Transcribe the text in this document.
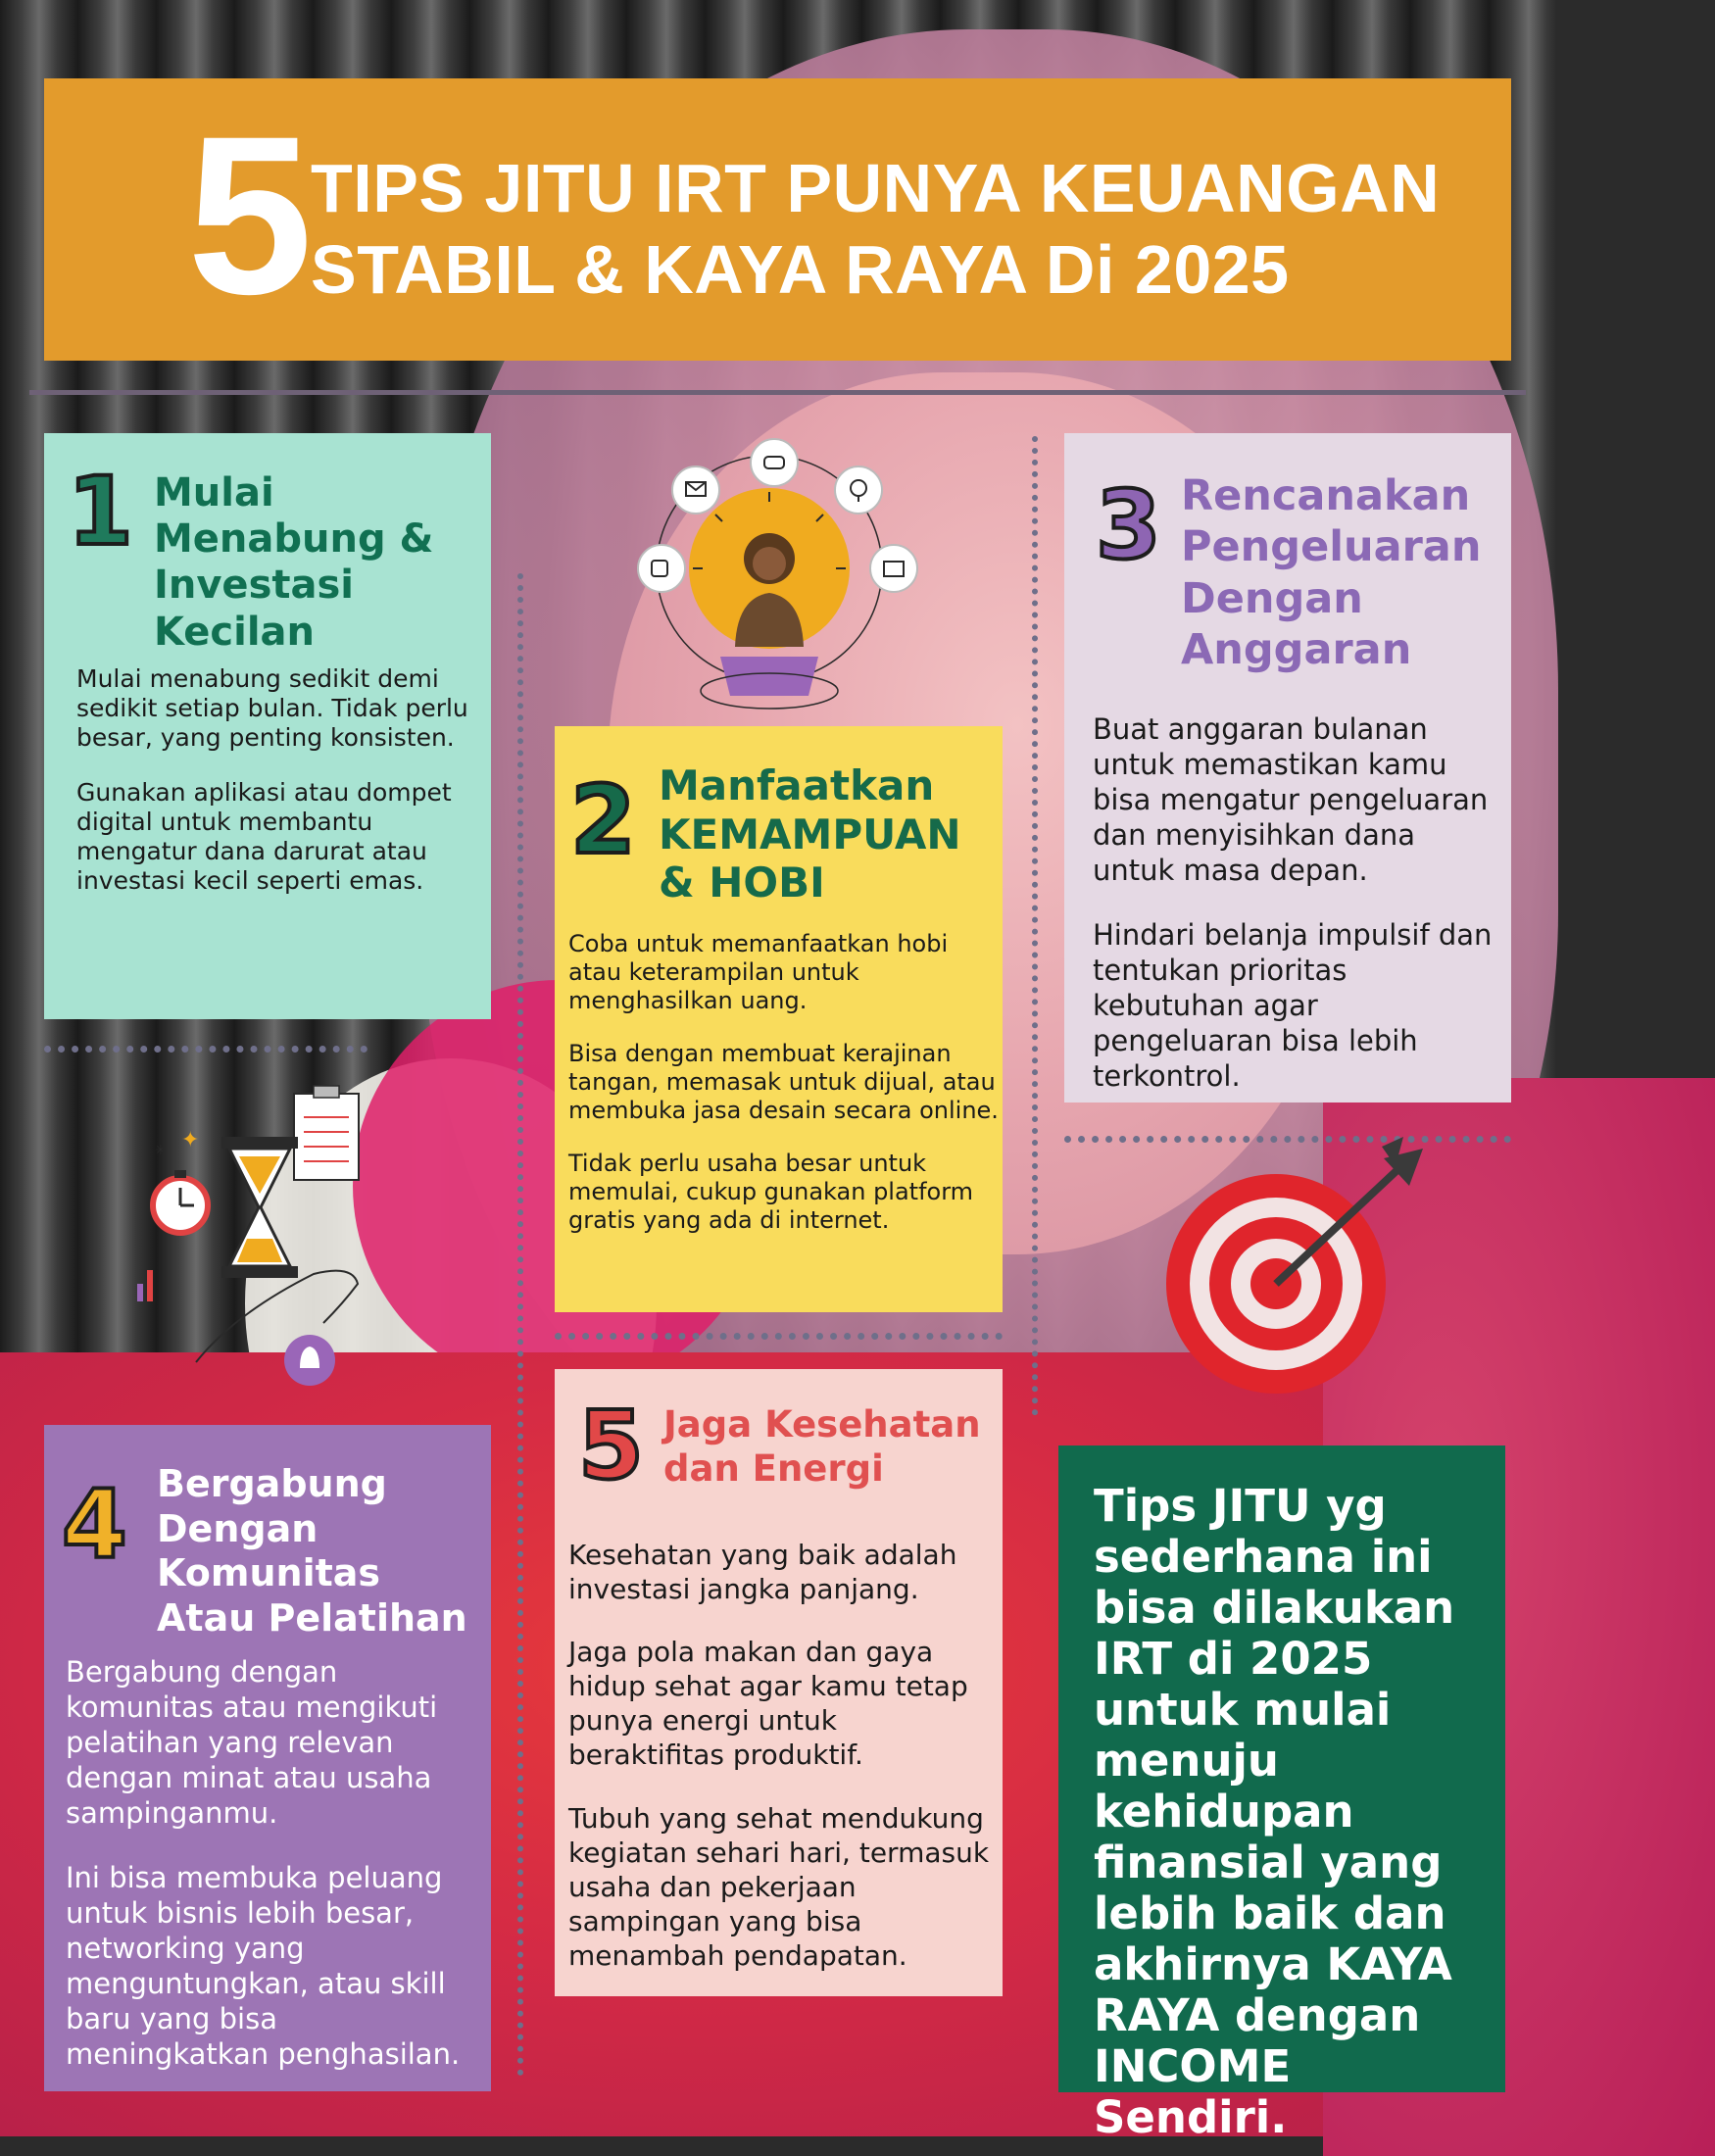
5
TIPS JITU IRT PUNYA KEUANGAN
STABIL & KAYA RAYA Di 2025
1 Mulai Menabung & Investasi Kecilan

Mulai menabung sedikit demi sedikit setiap bulan. Tidak perlu besar, yang penting konsisten.

Gunakan aplikasi atau dompet digital untuk membantu mengatur dana darurat atau investasi kecil seperti emas.

2 Manfaatkan KEMAMPUAN & HOBI

Coba untuk memanfaatkan hobi atau keterampilan untuk menghasilkan uang.

Bisa dengan membuat kerajinan tangan, memasak untuk dijual, atau membuka jasa desain secara online.

Tidak perlu usaha besar untuk memulai, cukup gunakan platform gratis yang ada di internet.

3 Rencanakan Pengeluaran Dengan Anggaran

Buat anggaran bulanan untuk memastikan kamu bisa mengatur pengeluaran dan menyisihkan dana untuk masa depan.

Hindari belanja impulsif dan tentukan prioritas kebutuhan agar pengeluaran bisa lebih terkontrol.

4 Bergabung Dengan Komunitas Atau Pelatihan

Bergabung dengan komunitas atau mengikuti pelatihan yang relevan dengan minat atau usaha sampinganmu.

Ini bisa membuka peluang untuk bisnis lebih besar, networking yang menguntungkan, atau skill baru yang bisa meningkatkan penghasilan.

5 Jaga Kesehatan dan Energi

Kesehatan yang baik adalah investasi jangka panjang.

Jaga pola makan dan gaya hidup sehat agar kamu tetap punya energi untuk beraktifitas produktif.

Tubuh yang sehat mendukung kegiatan sehari hari, termasuk usaha dan pekerjaan sampingan yang bisa menambah pendapatan.

Tips JITU yg sederhana ini bisa dilakukan IRT di 2025 untuk mulai menuju kehidupan finansial yang lebih baik dan akhirnya KAYA RAYA dengan INCOME Sendiri.
✦
✳
